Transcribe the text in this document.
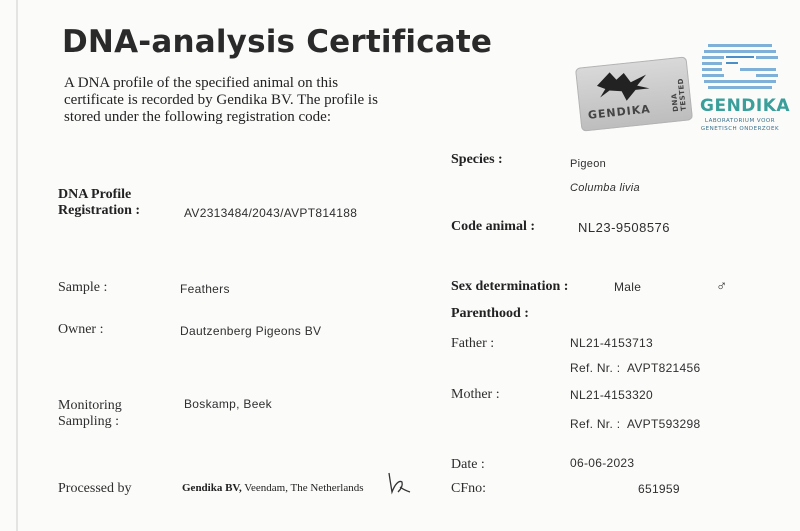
DNA-analysis Certificate
A DNA profile of the specified animal on this certificate is recorded by Gendika BV. The profile is stored under the following registration code:	GENDIKA	DNA TESTED GENDIKA
LABORATORIUM VOOR
GENETISCH ONDERZOEK
DNA Profile
Registration :	AV2313484/2043/AVPT814188
Sample :	Feathers
Owner :	Dautzenberg Pigeons BV
Monitoring
Sampling :
Boskamp, Beek
Processed by	Gendika BV, Veendam, The Netherlands
Species :	Pigeon
Columba livia
Code animal :	NL23-9508576
Sex determination :	Male	♂
Parenthood :
Father :	NL21-4153713
Ref. Nr. :  AVPT821456
Mother :	NL21-4153320
Ref. Nr. :  AVPT593298
Date :	06-06-2023
CFno:	651959
